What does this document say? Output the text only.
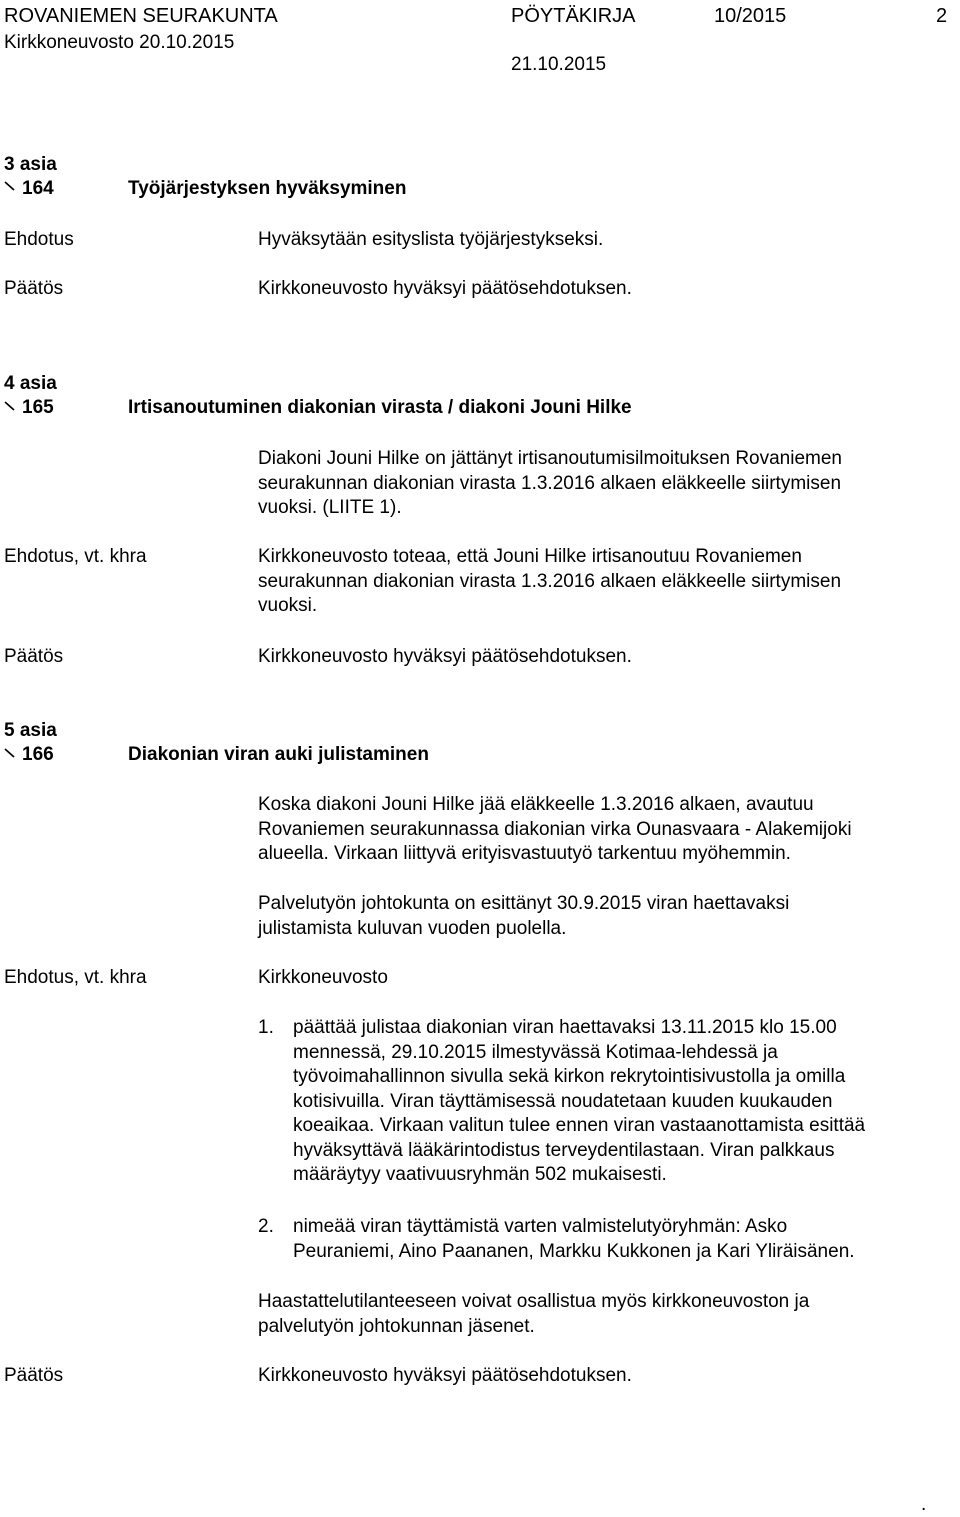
ROVANIEMEN SEURAKUNTA	PÖYTÄKIRJA	10/2015	2
Kirkkoneuvosto 20.10.2015
21.10.2015
3 asia
164	Työjärjestyksen hyväksyminen
Ehdotus	Hyväksytään esityslista työjärjestykseksi.
Päätös	Kirkkoneuvosto hyväksyi päätösehdotuksen.
4 asia
165	Irtisanoutuminen diakonian virasta / diakoni Jouni Hilke
Diakoni Jouni Hilke on jättänyt irtisanoutumisilmoituksen Rovaniemen
seurakunnan diakonian virasta 1.3.2016 alkaen eläkkeelle siirtymisen
vuoksi. (LIITE 1).
Ehdotus, vt. khra	Kirkkoneuvosto toteaa, että Jouni Hilke irtisanoutuu Rovaniemen
seurakunnan diakonian virasta 1.3.2016 alkaen eläkkeelle siirtymisen
vuoksi.
Päätös	Kirkkoneuvosto hyväksyi päätösehdotuksen.
5 asia
166	Diakonian viran auki julistaminen
Koska diakoni Jouni Hilke jää eläkkeelle 1.3.2016 alkaen, avautuu
Rovaniemen seurakunnassa diakonian virka Ounasvaara - Alakemijoki
alueella. Virkaan liittyvä erityisvastuutyö tarkentuu myöhemmin.
Palvelutyön johtokunta on esittänyt 30.9.2015 viran haettavaksi
julistamista kuluvan vuoden puolella.
Ehdotus, vt. khra	Kirkkoneuvosto
1. päättää julistaa diakonian viran haettavaksi 13.11.2015 klo 15.00
mennessä, 29.10.2015 ilmestyvässä Kotimaa-lehdessä ja
työvoimahallinnon sivulla sekä kirkon rekrytointisivustolla ja omilla
kotisivuilla. Viran täyttämisessä noudatetaan kuuden kuukauden
koeaikaa. Virkaan valitun tulee ennen viran vastaanottamista esittää
hyväksyttävä lääkärintodistus terveydentilastaan. Viran palkkaus
määräytyy vaativuusryhmän 502 mukaisesti.
2. nimeää viran täyttämistä varten valmistelutyöryhmän: Asko
Peuraniemi, Aino Paananen, Markku Kukkonen ja Kari Yliräisänen.
Haastattelutilanteeseen voivat osallistua myös kirkkoneuvoston ja
palvelutyön johtokunnan jäsenet.
Päätös	Kirkkoneuvosto hyväksyi päätösehdotuksen.
.
